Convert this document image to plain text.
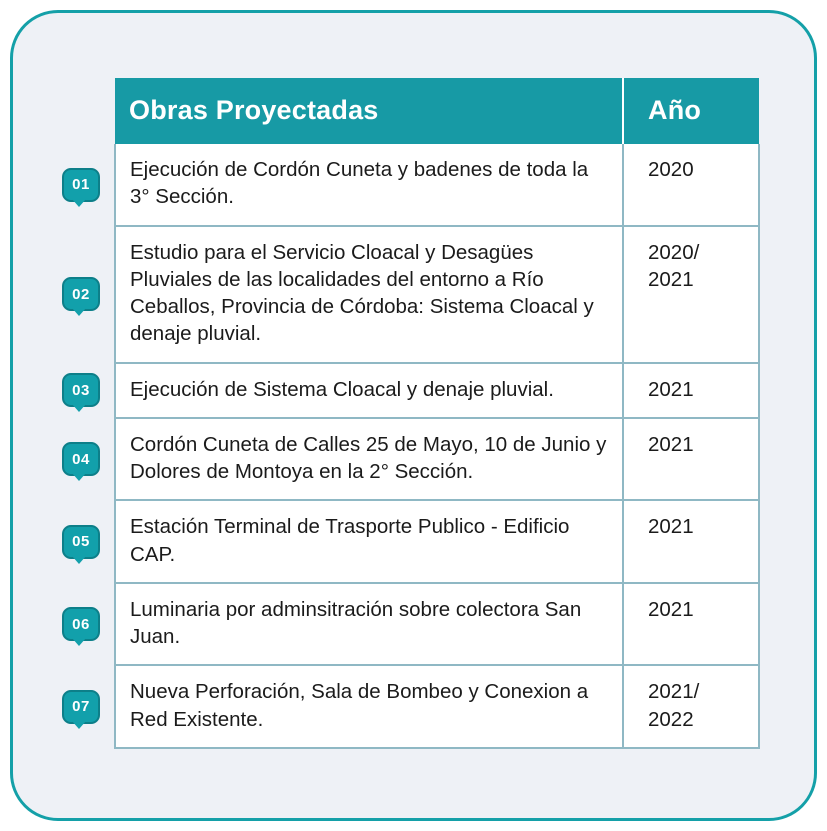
Obras Proyectadas	Año
Ejecución de Cordón Cuneta y badenes de toda la 3° Sección.	2020
Estudio para el Servicio Cloacal y Desagües Pluviales de las localidades del entorno a Río Ceballos, Provincia de Córdoba: Sistema Cloacal y denaje pluvial.	2020/ 2021
Ejecución de Sistema Cloacal y denaje pluvial.	2021
Cordón Cuneta de Calles 25 de Mayo, 10 de Junio y Dolores de Montoya en la 2° Sección.	2021
Estación Terminal de Trasporte Publico - Edificio CAP.	2021
Luminaria por adminsitración sobre colectora San Juan.	2021
Nueva Perforación, Sala de Bombeo y Conexion a Red Existente.	2021/ 2022
01
02
03
04
05
06
07
